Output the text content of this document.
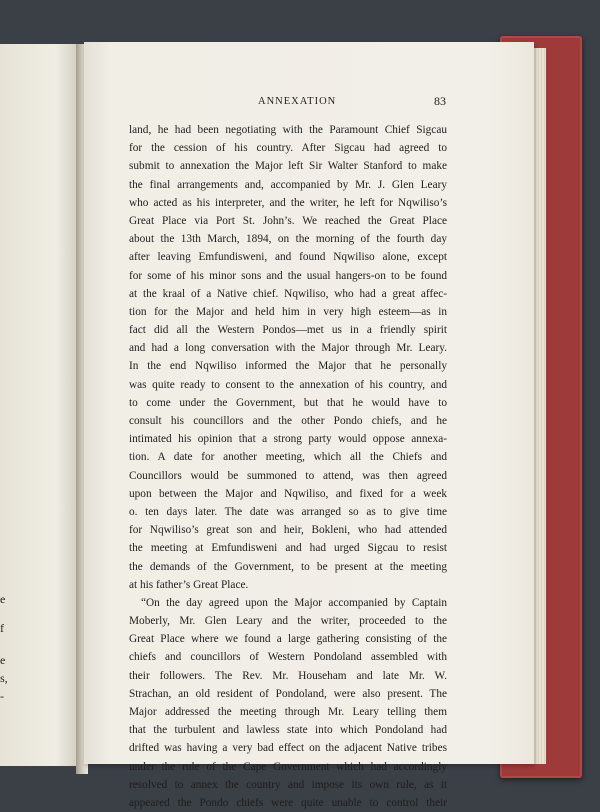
e
f
e
s,
-
ANNEXATION	83
land, he had been negotiating with the Paramount Chief Sigcau
for the cession of his country. After Sigcau had agreed to
submit to annexation the Major left Sir Walter Stanford to make
the final arrangements and, accompanied by Mr. J. Glen Leary
who acted as his interpreter, and the writer, he left for Nqwiliso’s
Great Place via Port St. John’s. We reached the Great Place
about the 13th March, 1894, on the morning of the fourth day
after leaving Emfundisweni, and found Nqwiliso alone, except
for some of his minor sons and the usual hangers-on to be found
at the kraal of a Native chief. Nqwiliso, who had a great affec-
tion for the Major and held him in very high esteem—as in
fact did all the Western Pondos—met us in a friendly spirit
and had a long conversation with the Major through Mr. Leary.
In the end Nqwiliso informed the Major that he personally
was quite ready to consent to the annexation of his country, and
to come under the Government, but that he would have to
consult his councillors and the other Pondo chiefs, and he
intimated his opinion that a strong party would oppose annexa-
tion. A date for another meeting, which all the Chiefs and
Councillors would be summoned to attend, was then agreed
upon between the Major and Nqwiliso, and fixed for a week
o. ten days later. The date was arranged so as to give time
for Nqwiliso’s great son and heir, Bokleni, who had attended
the meeting at Emfundisweni and had urged Sigcau to resist
the demands of the Government, to be present at the meeting
at his father’s Great Place.
“On the day agreed upon the Major accompanied by Captain
Moberly, Mr. Glen Leary and the writer, proceeded to the
Great Place where we found a large gathering consisting of the
chiefs and councillors of Western Pondoland assembled with
their followers. The Rev. Mr. Househam and late Mr. W.
Strachan, an old resident of Pondoland, were also present. The
Major addressed the meeting through Mr. Leary telling them
that the turbulent and lawless state into which Pondoland had
drifted was having a very bad effect on the adjacent Native tribes
under the rule of the Cape Government which had accordingly
resolved to annex the country and impose its own rule, as it
appeared the Pondo chiefs were quite unable to control their
